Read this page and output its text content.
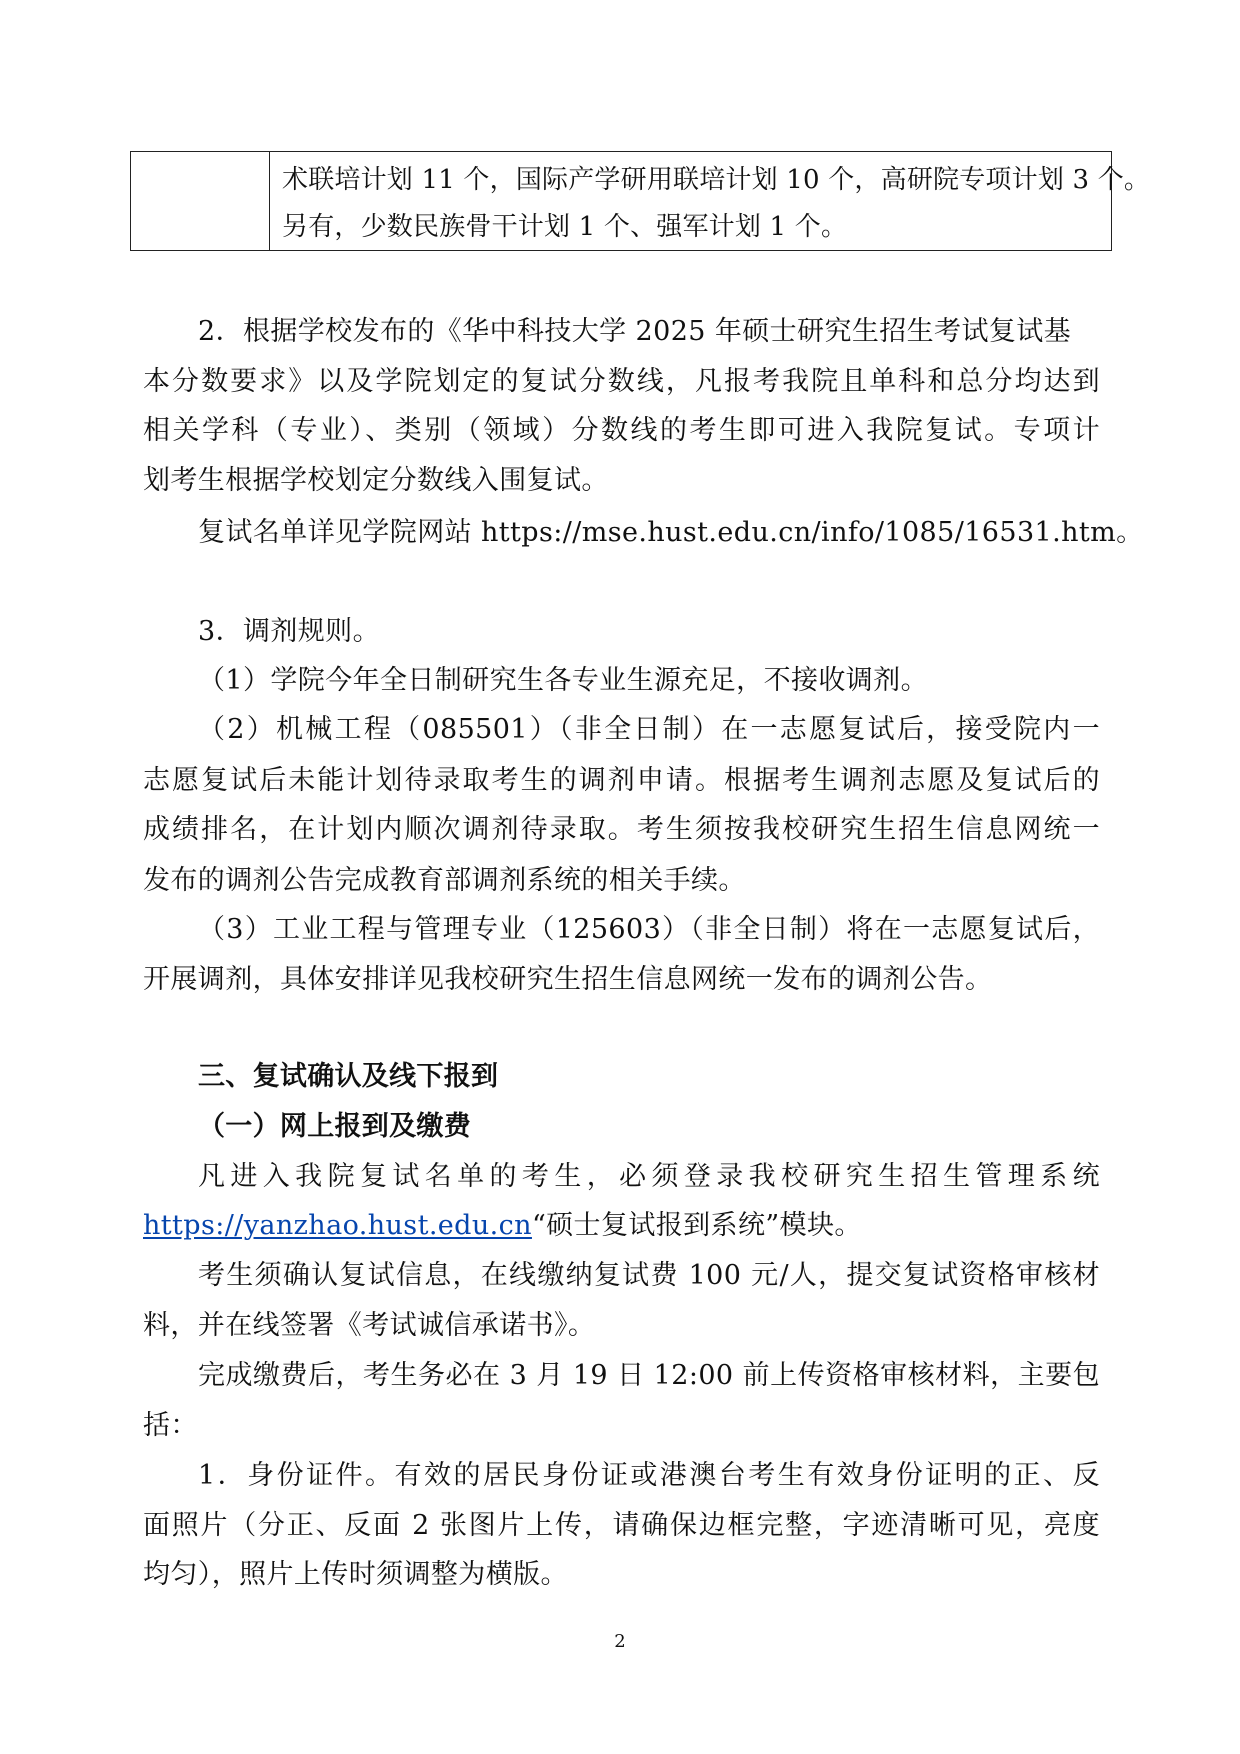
术联培计划 11 个，国际产学研用联培计划 10 个，高研院专项计划 3 个。
另有，少数民族骨干计划 1 个、强军计划 1 个。
2．根据学校发布的《华中科技大学 2025 年硕士研究生招生考试复试基
本分数要求》以及学院划定的复试分数线，凡报考我院且单科和总分均达到
相关学科（专业）、类别（领域）分数线的考生即可进入我院复试。专项计
划考生根据学校划定分数线入围复试。
复试名单详见学院网站 https://mse.hust.edu.cn/info/1085/16531.htm。
3．调剂规则。
（1）学院今年全日制研究生各专业生源充足，不接收调剂。
（2）机械工程（085501）（非全日制）在一志愿复试后，接受院内一
志愿复试后未能计划待录取考生的调剂申请。根据考生调剂志愿及复试后的
成绩排名，在计划内顺次调剂待录取。考生须按我校研究生招生信息网统一
发布的调剂公告完成教育部调剂系统的相关手续。
（3）工业工程与管理专业（125603）（非全日制）将在一志愿复试后，
开展调剂，具体安排详见我校研究生招生信息网统一发布的调剂公告。
三、复试确认及线下报到
（一）网上报到及缴费
凡进入我院复试名单的考生，必须登录我校研究生招生管理系统
https://yanzhao.hust.edu.cn“硕士复试报到系统”模块。
考生须确认复试信息，在线缴纳复试费 100 元/人，提交复试资格审核材
料，并在线签署《考试诚信承诺书》。
完成缴费后，考生务必在 3 月 19 日 12:00 前上传资格审核材料，主要包
括：
1．身份证件。有效的居民身份证或港澳台考生有效身份证明的正、反
面照片（分正、反面 2 张图片上传，请确保边框完整，字迹清晰可见，亮度
均匀），照片上传时须调整为横版。
2
